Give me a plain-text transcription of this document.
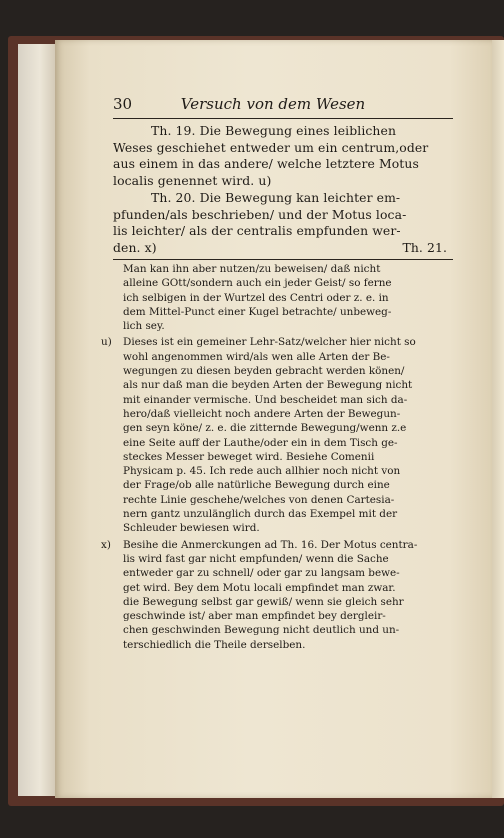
30	Versuch von dem Wesen

Th. 19. Die Bewegung eines leiblichen
Weses geschiehet entweder um ein centrum,oder
aus einem in das andere/ welche letztere Motus
localis genennet wird. u)

Th. 20. Die Bewegung kan leichter em-
pfunden/als beschrieben/ und der Motus loca-
lis leichter/ als der centralis empfunden wer-
den. x)	Th. 21.

Man kan ihn aber nutzen/zu beweisen/ daß nicht
alleine GOtt/sondern auch ein jeder Geist/ so ferne
ich selbigen in der Wurtzel des Centri oder z. e. in
dem Mittel-Punct einer Kugel betrachte/ unbeweg-
lich sey.
u) Dieses ist ein gemeiner Lehr-Satz/welcher hier nicht so
wohl angenommen wird/als wen alle Arten der Be-
wegungen zu diesen beyden gebracht werden könen/
als nur daß man die beyden Arten der Bewegung nicht
mit einander vermische. Und bescheidet man sich da-
hero/daß vielleicht noch andere Arten der Bewegun-
gen seyn köne/ z. e. die zitternde Bewegung/wenn z.e
eine Seite auff der Lauthe/oder ein in dem Tisch ge-
steckes Messer beweget wird. Besiehe Comenii
Physicam p. 45. Ich rede auch allhier noch nicht von
der Frage/ob alle natürliche Bewegung durch eine
rechte Linie geschehe/welches von denen Cartesia-
nern gantz unzulänglich durch das Exempel mit der
Schleuder bewiesen wird.
x) Besihe die Anmerckungen ad Th. 16. Der Motus centra-
lis wird fast gar nicht empfunden/ wenn die Sache
entweder gar zu schnell/ oder gar zu langsam bewe-
get wird. Bey dem Motu locali empfindet man zwar.
die Bewegung selbst gar gewiß/ wenn sie gleich sehr
geschwinde ist/ aber man empfindet bey dergleir-
chen geschwinden Bewegung nicht deutlich und un-
terschiedlich die Theile derselben.
